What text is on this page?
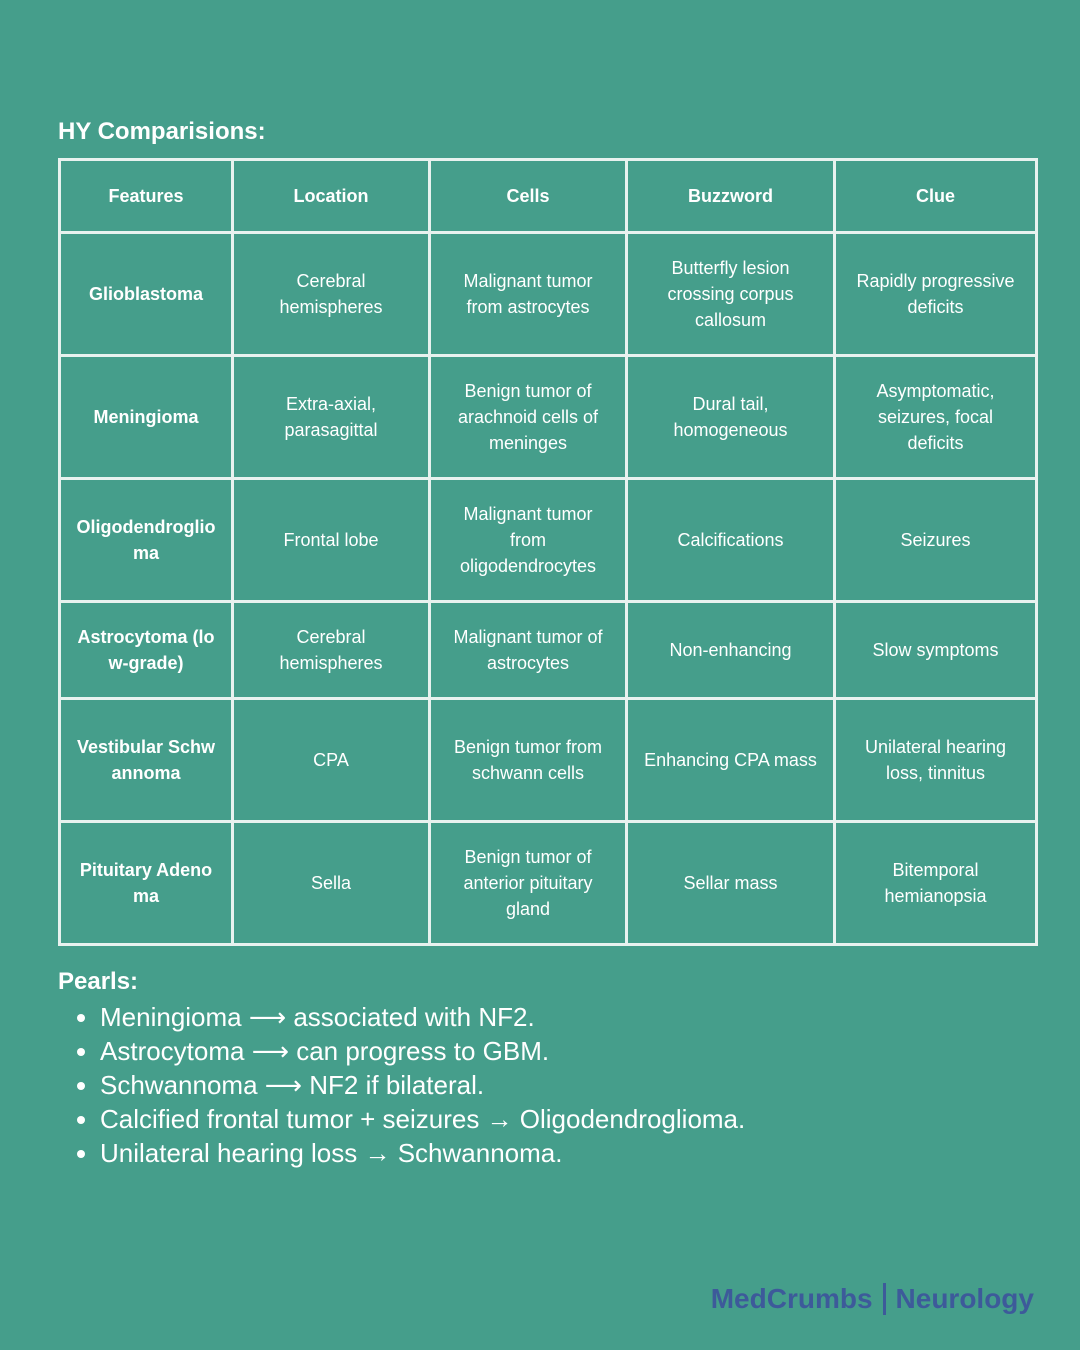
HY Comparisions:
Features	Location	Cells	Buzzword	Clue
Glioblastoma	Cerebral hemispheres	Malignant tumor from astrocytes	Butterfly lesion crossing corpus callosum	Rapidly progressive deficits
Meningioma	Extra-axial, parasagittal	Benign tumor of arachnoid cells of meninges	Dural tail, homogeneous	Asymptomatic, seizures, focal deficits
Oligodendroglioma	Frontal lobe	Malignant tumor from oligodendrocytes	Calcifications	Seizures
Astrocytoma (low-grade)	Cerebral hemispheres	Malignant tumor of astrocytes	Non-enhancing	Slow symptoms
Vestibular Schwannoma	CPA	Benign tumor from schwann cells	Enhancing CPA mass	Unilateral hearing loss, tinnitus
Pituitary Adenoma	Sella	Benign tumor of anterior pituitary gland	Sellar mass	Bitemporal hemianopsia
Pearls:
• Meningioma ⟶ associated with NF2.
• Astrocytoma ⟶ can progress to GBM.
• Schwannoma ⟶ NF2 if bilateral.
• Calcified frontal tumor + seizures → Oligodendroglioma.
• Unilateral hearing loss → Schwannoma.
MedCrumbs Neurology
